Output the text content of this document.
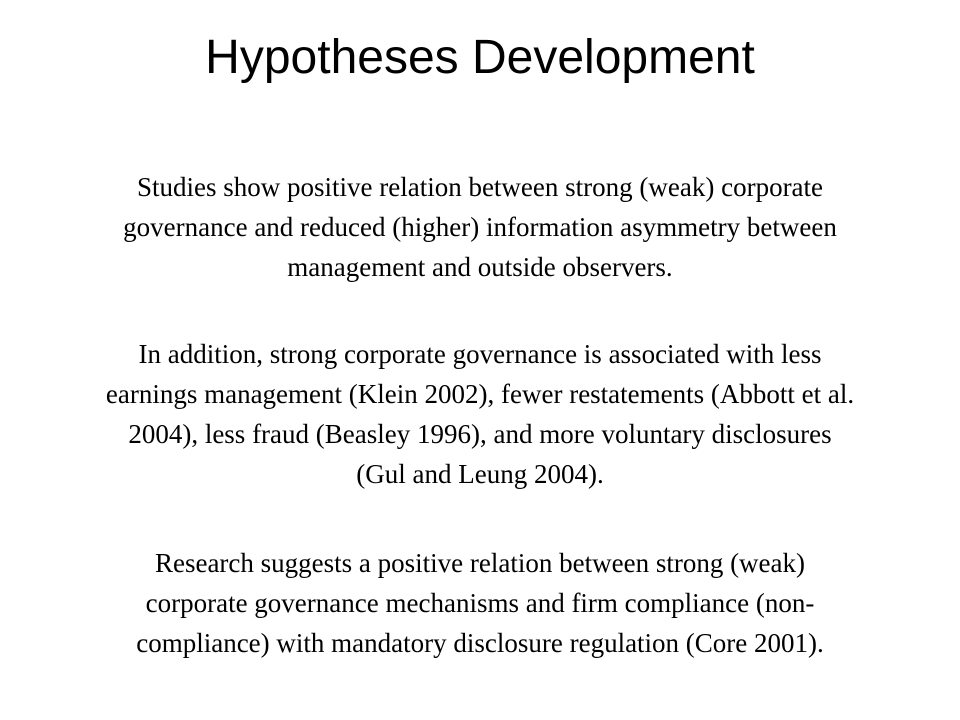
Hypotheses Development

Studies show positive relation between strong (weak) corporate
governance and reduced (higher) information asymmetry between
management and outside observers.

In addition, strong corporate governance is associated with less
earnings management (Klein 2002), fewer restatements (Abbott et al.
2004), less fraud (Beasley 1996), and more voluntary disclosures
(Gul and Leung 2004).

Research suggests a positive relation between strong (weak)
corporate governance mechanisms and firm compliance (non-
compliance) with mandatory disclosure regulation (Core 2001).
